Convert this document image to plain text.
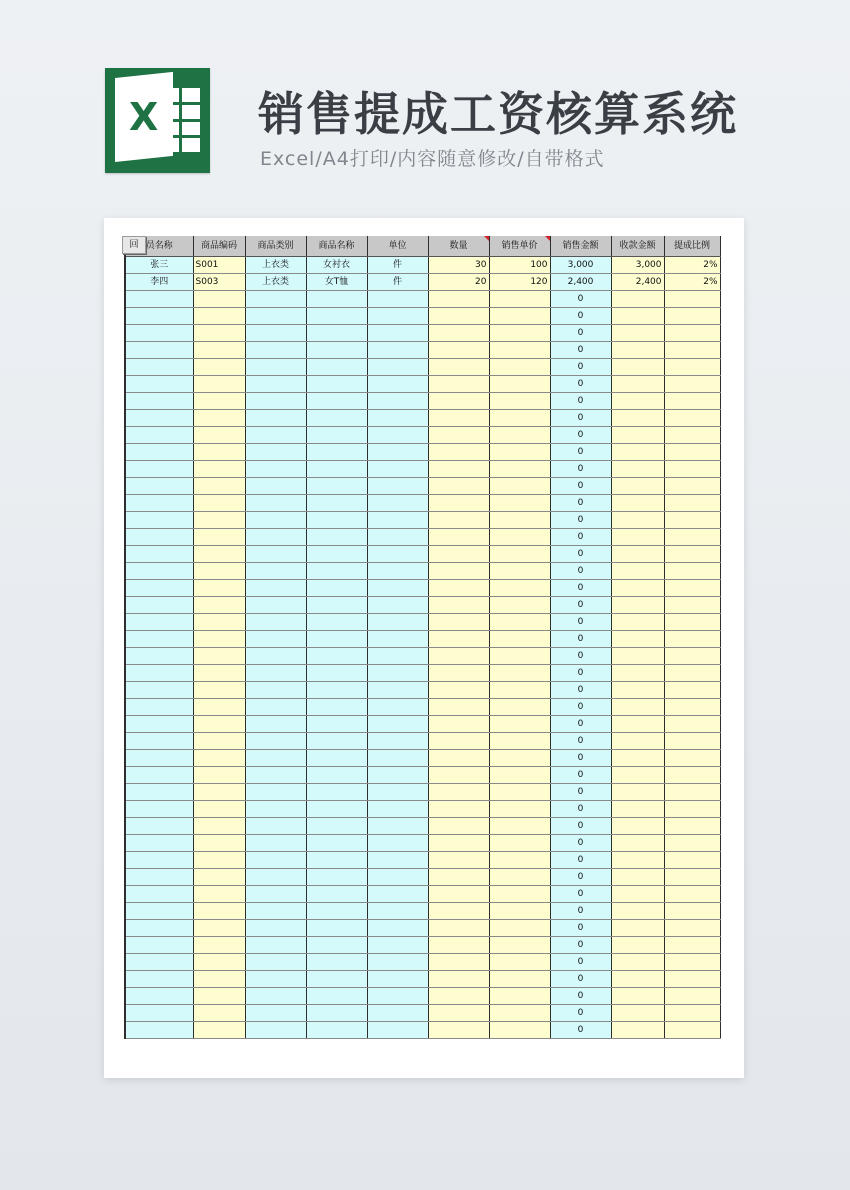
X 销售提成工资核算系统
Excel/A4打印/内容随意修改/自带格式
回 员名称	商品编码	商品类别	商品名称	单位	数量	销售单价	销售金额	收款金额	提成比例
张三	S001	上衣类	女衬衣	件	30	100	3,000	3,000	2%
李四	S003	上衣类	女T恤	件	20	120	2,400	2,400	2%
							0		
							0		
							0		
							0		
							0		
							0		
							0		
							0		
							0		
							0		
							0		
							0		
							0		
							0		
							0		
							0		
							0		
							0		
							0		
							0		
							0		
							0		
							0		
							0		
							0		
							0		
							0		
							0		
							0		
							0		
							0		
							0		
							0		
							0		
							0		
							0		
							0		
							0		
							0		
							0		
							0		
							0		
							0		
							0		
